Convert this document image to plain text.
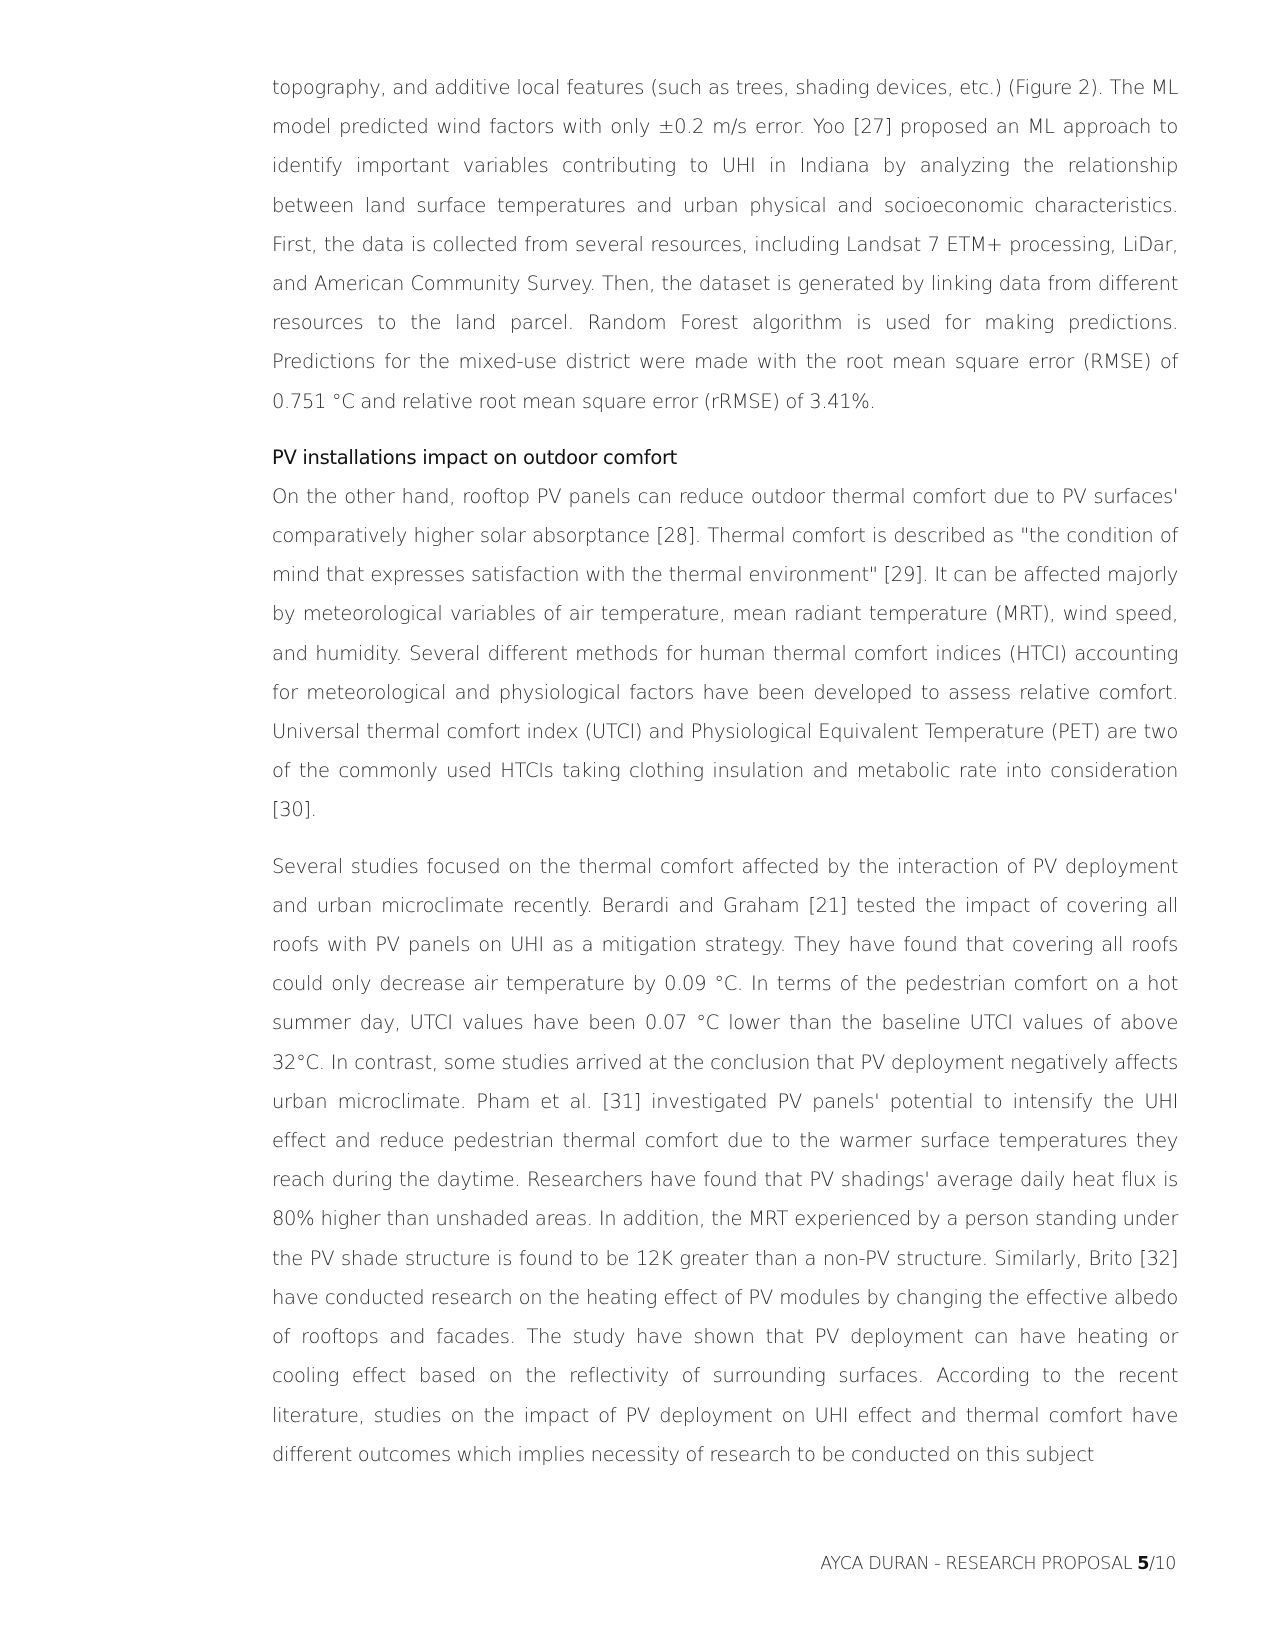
topography, and additive local features (such as trees, shading devices, etc.) (Figure 2). The ML model predicted wind factors with only ±0.2 m/s error. Yoo [27] proposed an ML approach to identify important variables contributing to UHI in Indiana by analyzing the relationship between land surface temperatures and urban physical and socioeconomic characteristics. First, the data is collected from several resources, including Landsat 7 ETM+ processing, LiDar, and American Community Survey. Then, the dataset is generated by linking data from different resources to the land parcel. Random Forest algorithm is used for making predictions. Predictions for the mixed-use district were made with the root mean square error (RMSE) of 0.751 °C and relative root mean square error (rRMSE) of 3.41%.

PV installations impact on outdoor comfort

On the other hand, rooftop PV panels can reduce outdoor thermal comfort due to PV surfaces' comparatively higher solar absorptance [28]. Thermal comfort is described as "the condition of mind that expresses satisfaction with the thermal environment" [29]. It can be affected majorly by meteorological variables of air temperature, mean radiant temperature (MRT), wind speed, and humidity. Several different methods for human thermal comfort indices (HTCI) accounting for meteorological and physiological factors have been developed to assess relative comfort. Universal thermal comfort index (UTCI) and Physiological Equivalent Temperature (PET) are two of the commonly used HTCIs taking clothing insulation and metabolic rate into consideration [30].

Several studies focused on the thermal comfort affected by the interaction of PV deployment and urban microclimate recently. Berardi and Graham [21] tested the impact of covering all roofs with PV panels on UHI as a mitigation strategy. They have found that covering all roofs could only decrease air temperature by 0.09 °C. In terms of the pedestrian comfort on a hot summer day, UTCI values have been 0.07 °C lower than the baseline UTCI values of above 32°C. In contrast, some studies arrived at the conclusion that PV deployment negatively affects urban microclimate. Pham et al. [31] investigated PV panels' potential to intensify the UHI effect and reduce pedestrian thermal comfort due to the warmer surface temperatures they reach during the daytime. Researchers have found that PV shadings' average daily heat flux is 80% higher than unshaded areas. In addition, the MRT experienced by a person standing under the PV shade structure is found to be 12K greater than a non-PV structure. Similarly, Brito [32] have conducted research on the heating effect of PV modules by changing the effective albedo of rooftops and facades. The study have shown that PV deployment can have heating or cooling effect based on the reflectivity of surrounding surfaces. According to the recent literature, studies on the impact of PV deployment on UHI effect and thermal comfort have different outcomes which implies necessity of research to be conducted on this subject

AYCA DURAN - RESEARCH PROPOSAL 5/10
